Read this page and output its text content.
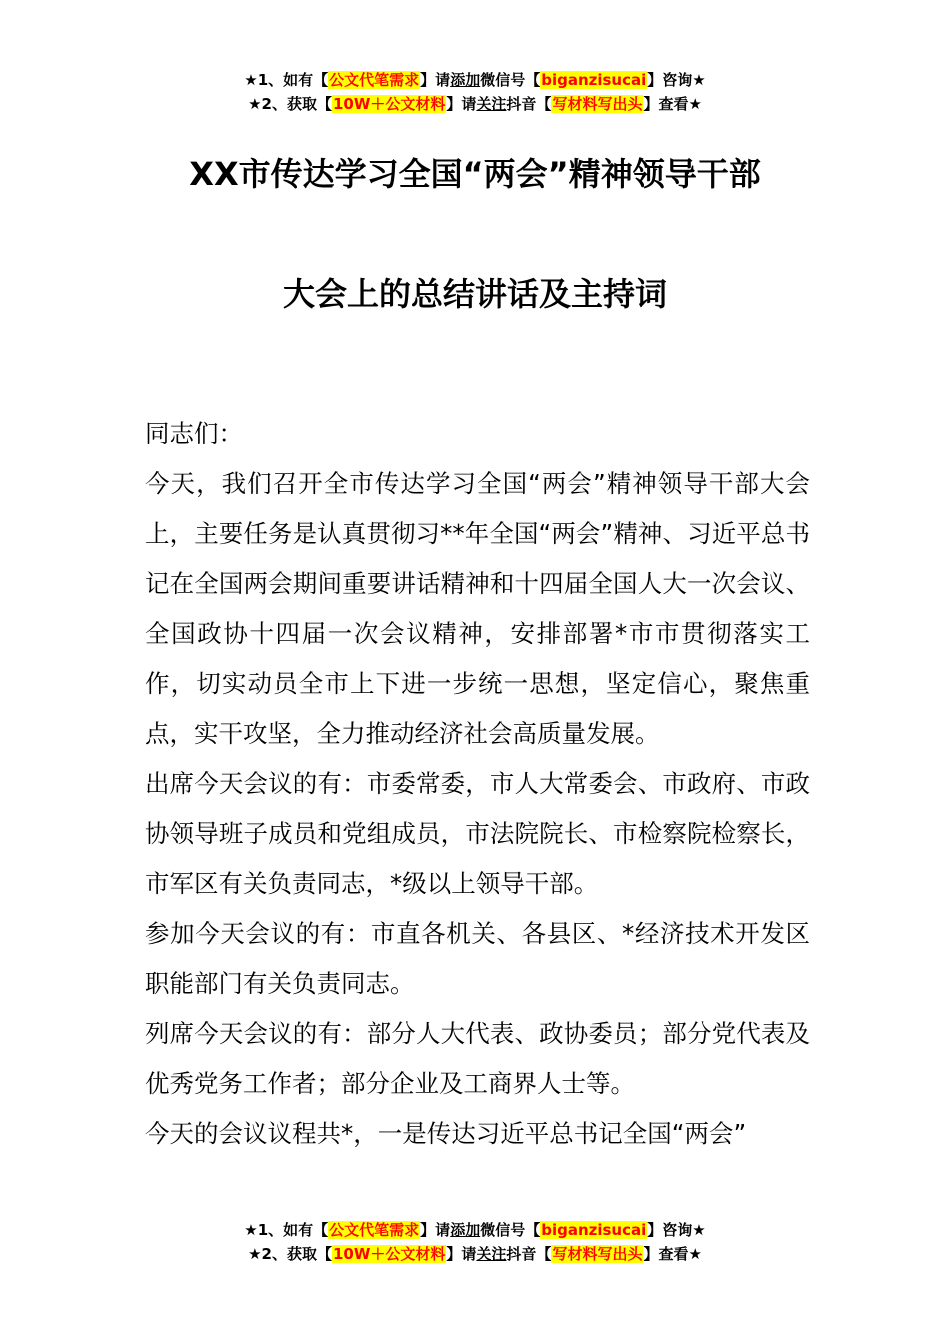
★1、如有【公文代笔需求】请添加微信号【biganzisucai】咨询★
★2、获取【10W＋公文材料】请关注抖音【写材料写出头】查看★
XX市传达学习全国“两会”精神领导干部
大会上的总结讲话及主持词

同志们：

今天，我们召开全市传达学习全国“两会”精神领导干部大会上，主要任务是认真贯彻习**年全国“两会”精神、习近平总书记在全国两会期间重要讲话精神和十四届全国人大一次会议、全国政协十四届一次会议精神，安排部署*市市贯彻落实工作，切实动员全市上下进一步统一思想，坚定信心，聚焦重点，实干攻坚，全力推动经济社会高质量发展。

出席今天会议的有：市委常委，市人大常委会、市政府、市政协领导班子成员和党组成员，市法院院长、市检察院检察长，市军区有关负责同志，*级以上领导干部。

参加今天会议的有：市直各机关、各县区、*经济技术开发区职能部门有关负责同志。

列席今天会议的有：部分人大代表、政协委员；部分党代表及优秀党务工作者；部分企业及工商界人士等。

今天的会议议程共*，一是传达习近平总书记全国“两会”

★1、如有【公文代笔需求】请添加微信号【biganzisucai】咨询★
★2、获取【10W＋公文材料】请关注抖音【写材料写出头】查看★
